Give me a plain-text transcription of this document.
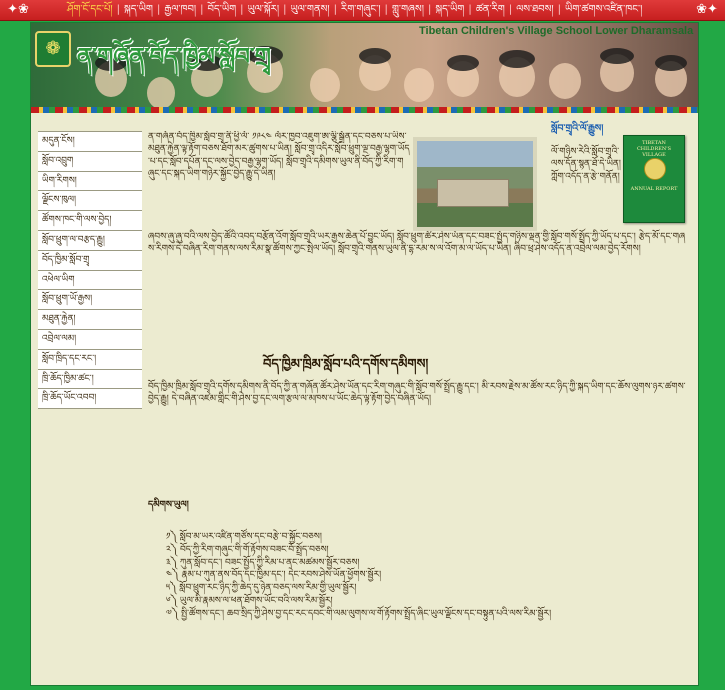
✦❀	ཤོག་ངོ་དང་པོ། | སྐད་ཡིག | རྒྱལ་ཁབ། | བོད་ཡིག | ཡུལ་སྐོར། | ཡུལ་གནས། | རིག་གཞུང་། | གླུ་གཞས། | སྐད་ཡིག | ཚན་རིག | ལས་ཐབས། | ཡིག་ཚགས་འཛིན་ཁང་།	❀✦
❁ ན་གཞོན་བོད་ཁྱིམ་སློབ་གྲྭ
Tibetan Children's Village School Lower Dharamsala
མདུན་ངོས།
སློབ་འབྲུག
ཡིག་རིགས།
ལྗོངས་ཁུལ།
ཚོགས་ཁང་གི་ལས་བྱེད།
སློབ་ཕྲུག་ལ་བརྩད་རྒྱུ།
བོད་ཁྱིམ་སློབ་གྲྭ
འཕེལ་ཡིག
སློབ་ཕྲུག་ཡོ་རྒྱས།
མཐུན་རྐྱེན།
འབྲེལ་ལམ།
སློབ་ཁྲིད་དང་རང་།
ཁྲི་ཆོད་ཁྱིམ་ཚང་།
ཁྲི་ཆོད་ཡོང་འབབ།

ན་གཞོན་བོད་ཁྱིམ་སློབ་གྲྭ་ནི་ཕྱི་ལོ་ ༡༩༨༤ ལོར་ཁྱབ་འཇུག་ཨ་ལྕི་སྒྲོན་དང་བཅས་པ་ཡིས་མཐུན་རྐྱེན་ལྟ་རྟོག་བཅས་ཐོག་མར་ཚུགས་པ་ཡིན། སློབ་གྲྭ་འདིར་སློབ་ཕྲུག་ལྔ་བརྒྱ་ལྷག་ཡོད་པ་དང་སློབ་དཔོན་དང་ལས་བྱེད་བརྒྱ་ལྷག་ཡོད། སློབ་གྲྭའི་དམིགས་ཡུལ་ནི་བོད་ཀྱི་རིག་གཞུང་དང་སྐད་ཡིག་གཉེར་སྐྱོང་བྱེད་རྒྱུ་དེ་ཡིན།

ཞབས་ཞུ་ཞུ་བའི་ལས་བྱེད་ཚོའི་འབད་བརྩོན་འོག་སློབ་གྲྭའི་ཡར་རྒྱས་ཆེན་པོ་བྱུང་ཡོད། སློབ་ཕྲུག་ཚོར་ཤེས་ཡོན་དང་བཟང་སྤྱོད་གཉིས་ལྡན་གྱི་སློབ་གསོ་སྤྲོད་ཀྱི་ཡོད་པ་དང་། རྩེད་མོ་དང་གཞས་རིགས་དེ་བཞིན་རིག་གནས་ལས་རིམ་སྣ་ཚོགས་ཀྱང་སྤེལ་ཡོད། སློབ་གྲྭའི་གནས་ཡུལ་ནི་དྷ་རམ་ས་ལ་འོག་མ་ལ་ཡོད་པ་ཡིན། ཞིབ་ཕྲ་ཤེས་འདོད་ན་འབྲེལ་ལམ་བྱེད་རོགས།

བོད་ཁྱིམ་ཁྲིམ་སློབ་པའི་དགོས་དམིགས།

བོད་ཁྱིམ་ཁྲིམ་སློབ་གྲྭའི་དགོས་དམིགས་ནི་བོད་ཀྱི་ན་གཞོན་ཚོར་ཤེས་ཡོན་དང་རིག་གཞུང་གི་སློབ་གསོ་སྤྲོད་རྒྱུ་དང་། མི་རབས་རྗེས་མ་ཚོས་རང་ཉིད་ཀྱི་སྐད་ཡིག་དང་ཆོས་ལུགས་ཉར་ཚགས་བྱེད་རྒྱུ། དེ་བཞིན་འཛམ་གླིང་གི་ཤེས་བྱ་དང་ལག་རྩལ་ལ་མཁས་པ་ཡོང་ཆེད་ལྟ་རྟོག་བྱེད་བཞིན་ཡོད།

དམིགས་ཡུལ།
༡༽ སློབ་མ་ཡར་འཛིན་གཙོས་དང་བརྩེ་བ་སྐྱོང་བཅས།
༢༽ བོད་ཀྱི་རིག་གཞུང་གི་གོ་རྟོགས་བཟང་བོ་སྤྲོད་བཅས།
༣༽ ཀུན་སློབ་དང་། བཟང་སྤྱོད་ཀྱི་རིམ་པ་ནང་མཚམས་སྦྱོར་བཅས།
༤༽ རྣམ་པ་ཀུན་ནས་བོད་དང་ཁྱིམ་དང་། དེང་རབས་ཤེས་ཡོན་ཕྱོགས་སྦྱོར།
༥༽ སློབ་ཕྲུག་རང་ཉིད་ཀྱི་ཆེད་དུ་ཉེན་བཅད་ལས་རིམ་གྱི་ཡུལ་སྦྱོར།
༦༽ ཡུལ་མི་རྣམས་ལ་ཕན་ཐོགས་ཡོང་བའི་ལས་རིམ་སྦྱོར།
༧༽ སྤྱི་ཚོགས་དང་། ཆབ་སྲིད་ཀྱི་ཤེས་བྱ་དང་རང་དབང་གི་ལམ་ལུགས་ལ་གོ་རྟོགས་སྤྲོད་ཞིང་ཡུལ་ལྗོངས་དང་བསྟུན་པའི་ལས་རིམ་སྦྱོར།

སློབ་གྲྭའི་ལོ་རྒྱུས།

ལོ་གཉིས་རེའི་སློབ་གྲྭའི་ལས་དོན་སྙན་ཐོ་དེ་ཡིན། ཀློག་འདོད་ན་རྩེ་གནོན།

TIBETAN CHILDREN'S VILLAGE
ANNUAL REPORT
